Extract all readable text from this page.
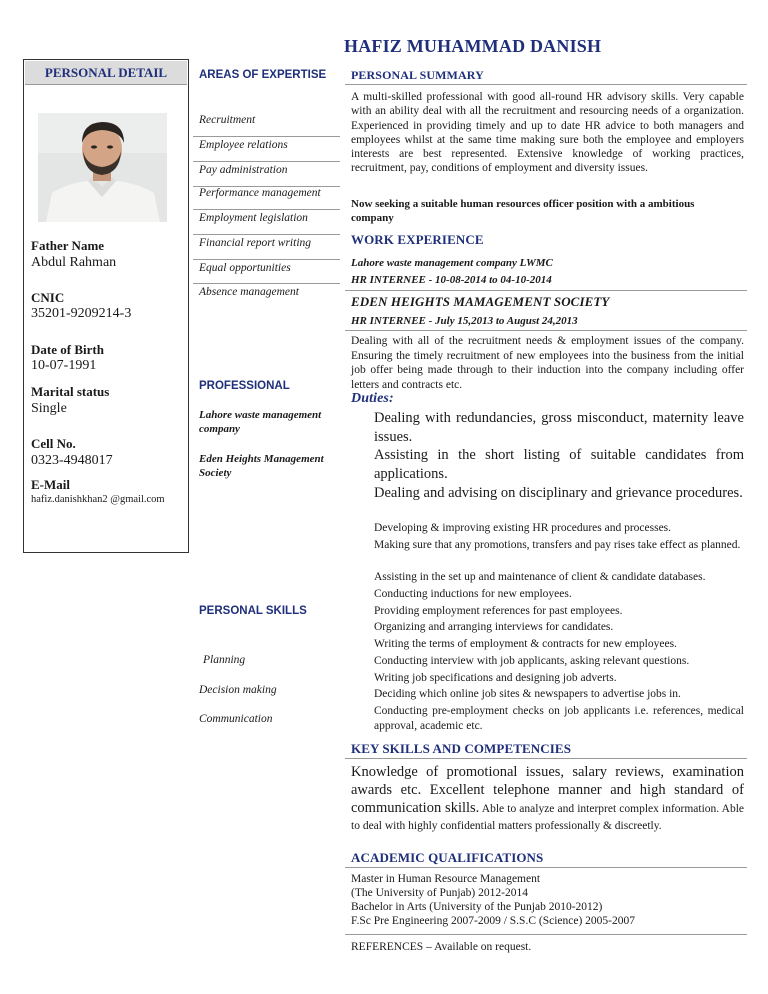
HAFIZ MUHAMMAD DANISH
PERSONAL DETAIL
Father Name
Abdul Rahman
CNIC
35201-9209214-3
Date of Birth
10-07-1991
Marital status
Single
Cell No.
0323-4948017
E-Mail
hafiz.danishkhan2 @gmail.com
AREAS OF EXPERTISE
Recruitment
Employee relations
Pay administration
Performance management
Employment legislation
Financial report writing
Equal opportunities
Absence management
PROFESSIONAL
Lahore waste management company
Eden Heights Management Society
PERSONAL SKILLS
Planning
Decision making
Communication
PERSONAL SUMMARY
A multi-skilled professional with good all-round HR advisory skills. Very capable with an ability deal with all the recruitment and resourcing needs of a organization. Experienced in providing timely and up to date HR advice to both managers and employees whilst at the same time making sure both the employee and employers interests are best represented. Extensive knowledge of working practices, recruitment, pay, conditions of employment and diversity issues.
Now seeking a suitable human resources officer position with a ambitious company
WORK EXPERIENCE
Lahore waste management company LWMC
HR INTERNEE - 10-08-2014 to 04-10-2014
EDEN HEIGHTS MAMAGEMENT SOCIETY
HR INTERNEE - July 15,2013 to August 24,2013
Dealing with all of the recruitment needs & employment issues of the company. Ensuring the timely recruitment of new employees into the business from the initial job offer being made through to their induction into the company including offer letters and contracts etc.
Duties:
Dealing with redundancies, gross misconduct, maternity leave issues.
Assisting in the short listing of suitable candidates from applications.
Dealing and advising on disciplinary and grievance procedures.
Developing & improving existing HR procedures and processes.
Making sure that any promotions, transfers and pay rises take effect as planned.
Assisting in the set up and maintenance of client & candidate databases.
Conducting inductions for new employees.
Providing employment references for past employees.
Organizing and arranging interviews for candidates.
Writing the terms of employment & contracts for new employees.
Conducting interview with job applicants, asking relevant questions.
Writing job specifications and designing job adverts.
Deciding which online job sites & newspapers to advertise jobs in.
Conducting pre-employment checks on job applicants i.e. references, medical approval, academic etc.
KEY SKILLS AND COMPETENCIES
Knowledge of promotional issues, salary reviews, examination awards etc. Excellent telephone manner and high standard of communication skills. Able to analyze and interpret complex information. Able to deal with highly confidential matters professionally & discreetly.
ACADEMIC QUALIFICATIONS
Master in Human Resource Management
(The University of Punjab) 2012-2014
Bachelor in Arts (University of the Punjab 2010-2012)
F.Sc Pre Engineering 2007-2009 / S.S.C (Science) 2005-2007
REFERENCES – Available on request.
